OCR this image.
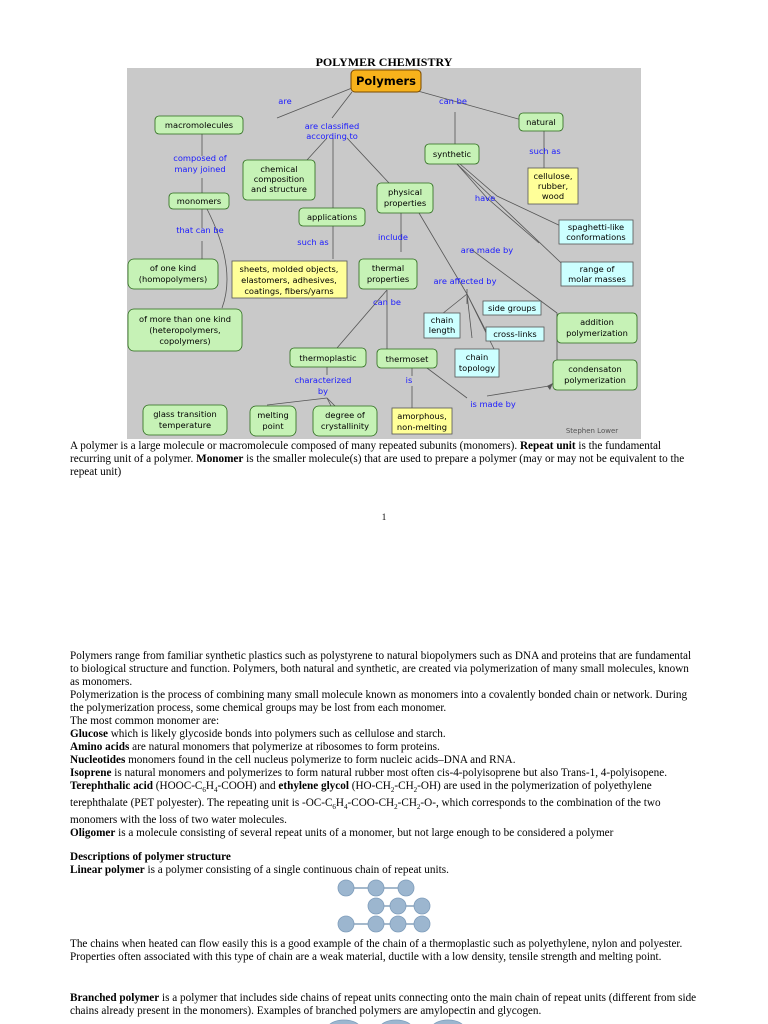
POLYMER CHEMISTRY
are	can be
are classified
according to
such as
composed of
many joined
have
that can be
such as	include
are made by
are affected by
can be
characterized
by
is
is made by
Polymers
macromolecules	natural
synthetic
chemical
composition
and structure	physical
properties
applications
monomers
cellulose,
rubber,
wood
spaghetti-like
conformations
range of
molar masses
of one kind
(homopolymers)
sheets, molded objects,
elastomers, adhesives,
coatings, fibers/yarns
thermal
properties
side groups
chain
length	cross-links
addition
polymerization
of more than one kind
(heteropolymers,
copolymers)
thermoplastic	thermoset	chain
topology	condensaton
polymerization
glass transition
temperature
melting
point
degree of
crystallinity
amorphous,
non-melting	Stephen Lower
A polymer is a large molecule or macromolecule composed of many repeated subunits (monomers). Repeat unit is the fundamental recurring unit of a polymer. Monomer is the smaller molecule(s) that are used to prepare a polymer (may or may not be equivalent to the repeat unit)
1
Polymers range from familiar synthetic plastics such as polystyrene to natural biopolymers such as DNA and proteins that are fundamental to biological structure and function. Polymers, both natural and synthetic, are created via polymerization of many small molecules, known as monomers.
Polymerization is the process of combining many small molecule known as monomers into a covalently bonded chain or network. During the polymerization process, some chemical groups may be lost from each monomer.
The most common monomer are:
Glucose which is likely glycoside bonds into polymers such as cellulose and starch.
Amino acids are natural monomers that polymerize at ribosomes to form proteins.
Nucleotides monomers found in the cell nucleus polymerize to form nucleic acids–DNA and RNA.
Isoprene is natural monomers and polymerizes to form natural rubber most often cis-4-polyisoprene but also Trans-1, 4-polyisopene.
Terephthalic acid $(HOOC-C_6H_4-COOH)$ and ethylene glycol $(HO-CH_2-CH_2-OH)$ are used in the polymerization of polyethylene terephthalate (PET polyester). The repeating unit is $-OC-C_6H_4-COO-CH_2-CH_2-O-$, which corresponds to the combination of the two monomers with the loss of two water molecules.
Oligomer is a molecule consisting of several repeat units of a monomer, but not large enough to be considered a polymer
Descriptions of polymer structure
Linear polymer is a polymer consisting of a single continuous chain of repeat units.
The chains when heated can flow easily this is a good example of the chain of a thermoplastic such as polyethylene, nylon and polyester. Properties often associated with this type of chain are a weak material, ductile with a low density, tensile strength and melting point.
Branched polymer is a polymer that includes side chains of repeat units connecting onto the main chain of repeat units (different from side chains already present in the monomers). Examples of branched polymers are amylopectin and glycogen.
